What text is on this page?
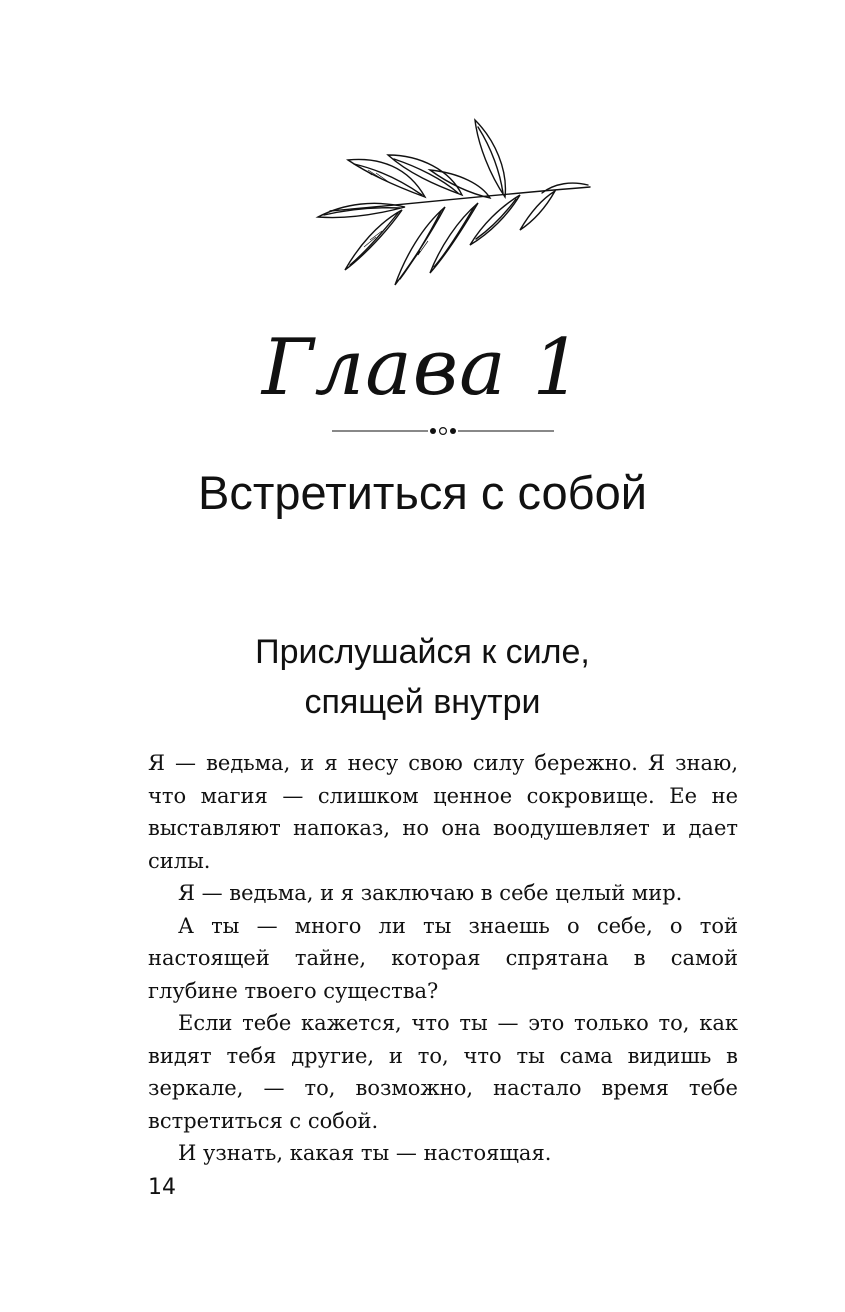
Глава 1
Встретиться с собой
Прислушайся к силе,
спящей внутри

Я — ведьма, и я несу свою силу бережно. Я знаю, что магия — слишком ценное сокровище. Ее не выставляют напоказ, но она воодушевляет и дает силы.

Я — ведьма, и я заключаю в себе целый мир.

А ты — много ли ты знаешь о себе, о той настоящей тайне, которая спрятана в самой глубине твоего существа?

Если тебе кажется, что ты — это только то, как видят тебя другие, и то, что ты сама видишь в зеркале, — то, возможно, настало время тебе встретиться с собой.

И узнать, какая ты — настоящая.

14
